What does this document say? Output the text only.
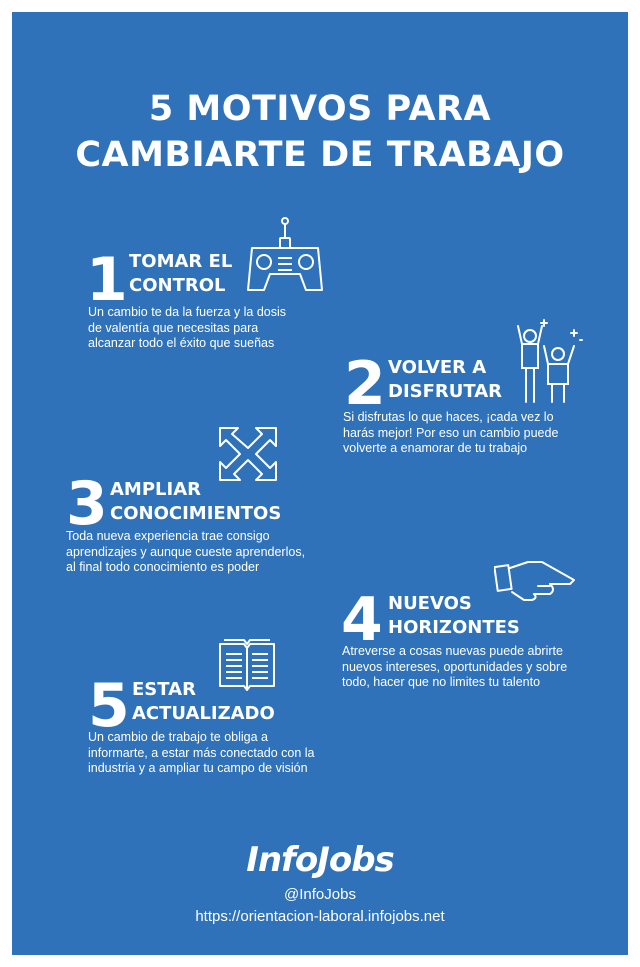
5 MOTIVOS PARA
CAMBIARTE DE TRABAJO
1 TOMAR EL
CONTROL
Un cambio te da la fuerza y la dosis
de valentía que necesitas para
alcanzar todo el éxito que sueñas
2 VOLVER A
DISFRUTAR
Si disfrutas lo que haces, ¡cada vez lo
harás mejor! Por eso un cambio puede
volverte a enamorar de tu trabajo
3 AMPLIAR
CONOCIMIENTOS
Toda nueva experiencia trae consigo
aprendizajes y aunque cueste aprenderlos,
al final todo conocimiento es poder
4 NUEVOS
HORIZONTES
Atreverse a cosas nuevas puede abrirte
nuevos intereses, oportunidades y sobre
todo, hacer que no limites tu talento
5 ESTAR
ACTUALIZADO
Un cambio de trabajo te obliga a
informarte, a estar más conectado con la
industria y a ampliar tu campo de visión
InfoJobs
@InfoJobs
https://orientacion-laboral.infojobs.net
